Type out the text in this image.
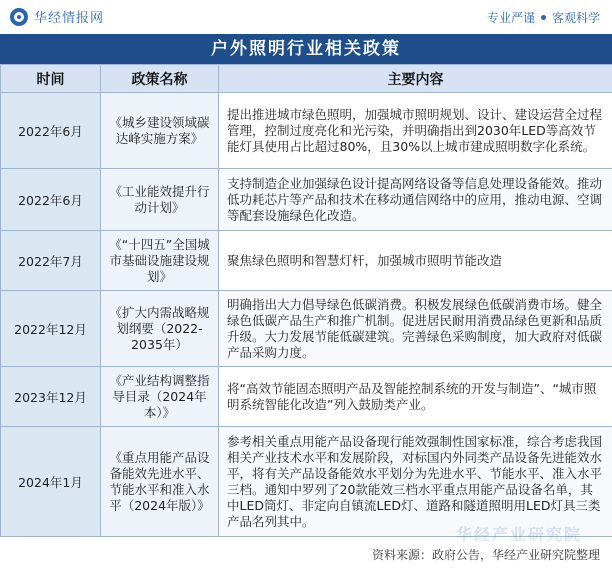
华经情报网	专业严谨 客观科学
户外照明行业相关政策
时间	政策名称	主要内容
2022年6月	《城乡建设领域碳达峰实施方案》	提出推进城市绿色照明，加强城市照明规划、设计、建设运营全过程管理，控制过度亮化和光污染，并明确指出到2030年LED等高效节能灯具使用占比超过80%，且30%以上城市建成照明数字化系统。
2022年6月	《工业能效提升行动计划》	支持制造企业加强绿色设计提高网络设备等信息处理设备能效。推动低功耗芯片等产品和技术在移动通信网络中的应用，推动电源、空调等配套设施绿色化改造。
2022年7月	《“十四五”全国城市基础设施建设规划》	聚焦绿色照明和智慧灯杆，加强城市照明节能改造
2022年12月	《扩大内需战略规划纲要（2022-2035年）	明确指出大力倡导绿色低碳消费。积极发展绿色低碳消费市场。健全绿色低碳产品生产和推广机制。促进居民耐用消费品绿色更新和品质升级。大力发展节能低碳建筑。完善绿色采购制度，加大政府对低碳产品采购力度。
2023年12月	《产业结构调整指导目录（2024年本）》	将“高效节能固态照明产品及智能控制系统的开发与制造”、“城市照明系统智能化改造”列入鼓励类产业。
2024年1月	《重点用能产品设备能效先进水平、节能水平和准入水平（2024年版）》	参考相关重点用能产品设备现行能效强制性国家标准，综合考虑我国相关产业技术水平和发展阶段，对标国内外同类产品设备先进能效水平，将有关产品设备能效水平划分为先进水平、节能水平、准入水平三档。通知中罗列了20款能效三档水平重点用能产品设备名单，其中LED筒灯、非定向自镇流LED灯、道路和隧道照明用LED灯具三类产品名列其中。
华经产业研究院
资料来源：政府公告，华经产业研究院整理
